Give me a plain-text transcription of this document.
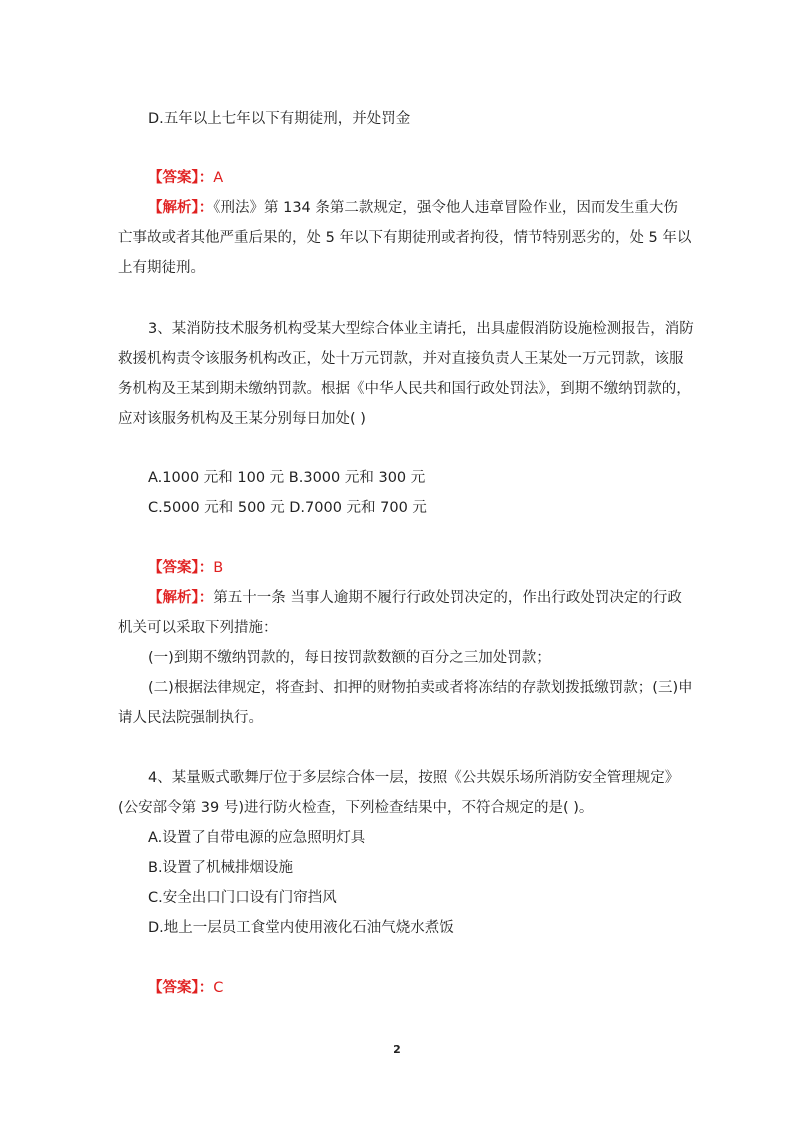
D.五年以上七年以下有期徒刑，并处罚金
【答案】：A
【解析】：《刑法》第 134 条第二款规定，强令他人违章冒险作业，因而发生重大伤
亡事故或者其他严重后果的，处 5 年以下有期徒刑或者拘役，情节特别恶劣的，处 5 年以
上有期徒刑。
3、某消防技术服务机构受某大型综合体业主请托，出具虚假消防设施检测报告，消防
救援机构责令该服务机构改正，处十万元罚款，并对直接负责人王某处一万元罚款，该服
务机构及王某到期未缴纳罚款。根据《中华人民共和国行政处罚法》，到期不缴纳罚款的，
应对该服务机构及王某分别每日加处( )
A.1000 元和 100 元 B.3000 元和 300 元
C.5000 元和 500 元 D.7000 元和 700 元
【答案】：B
【解析】：第五十一条 当事人逾期不履行行政处罚决定的，作出行政处罚决定的行政
机关可以采取下列措施：
(一)到期不缴纳罚款的，每日按罚款数额的百分之三加处罚款；
(二)根据法律规定，将查封、扣押的财物拍卖或者将冻结的存款划拨抵缴罚款；(三)申
请人民法院强制执行。
4、某量贩式歌舞厅位于多层综合体一层，按照《公共娱乐场所消防安全管理规定》
(公安部令第 39 号)进行防火检查，下列检查结果中，不符合规定的是( )。
A.设置了自带电源的应急照明灯具
B.设置了机械排烟设施
C.安全出口门口设有门帘挡风
D.地上一层员工食堂内使用液化石油气烧水煮饭
【答案】：C
2
